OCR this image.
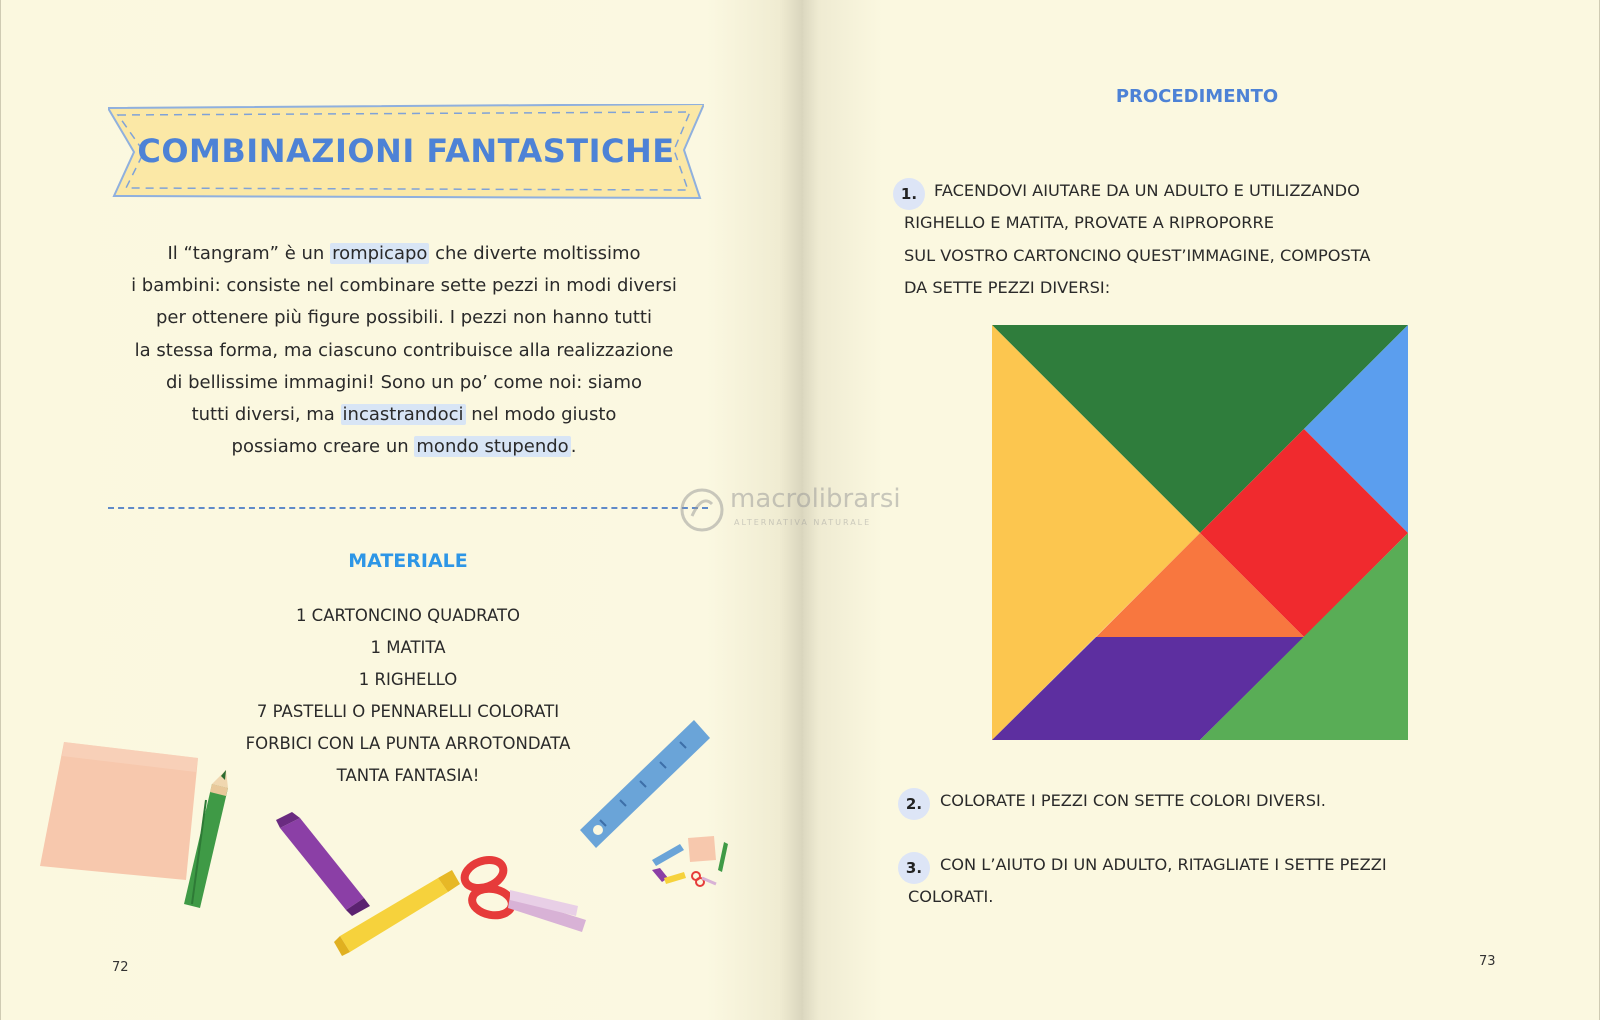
COMBINAZIONI FANTASTICHE
Il “tangram” è un rompicapo che diverte moltissimo
i bambini: consiste nel combinare sette pezzi in modi diversi
per ottenere più figure possibili. I pezzi non hanno tutti
la stessa forma, ma ciascuno contribuisce alla realizzazione
di bellissime immagini! Sono un po’ come noi: siamo
tutti diversi, ma incastrandoci nel modo giusto
possiamo creare un mondo stupendo .
MATERIALE
1 CARTONCINO QUADRATO
1 MATITA
1 RIGHELLO
7 PASTELLI O PENNARELLI COLORATI
FORBICI CON LA PUNTA ARROTONDATA
TANTA FANTASIA!
72
PROCEDIMENTO
1.	FACENDOVI AIUTARE DA UN ADULTO E UTILIZZANDO
RIGHELLO E MATITA, PROVATE A RIPROPORRE
SUL VOSTRO CARTONCINO QUEST’IMMAGINE, COMPOSTA
DA SETTE PEZZI DIVERSI:
2.	COLORATE I PEZZI CON SETTE COLORI DIVERSI.
3.	CON L’AIUTO DI UN ADULTO, RITAGLIATE I SETTE PEZZI
COLORATI.
73
macrolibrarsi
ALTERNATIVA NATURALE
